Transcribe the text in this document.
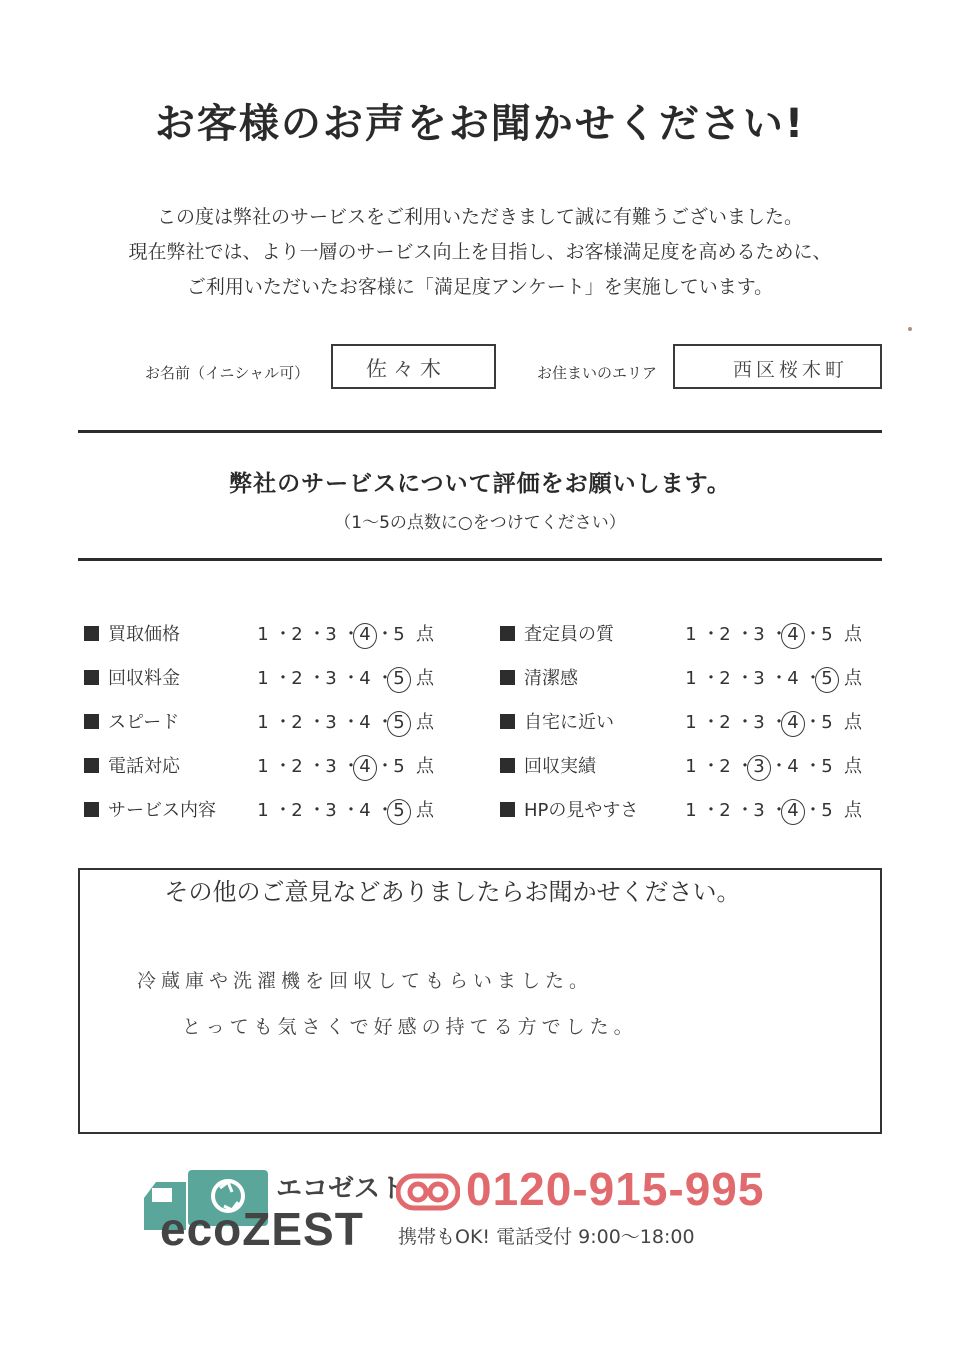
お客様のお声をお聞かせください!
この度は弊社のサービスをご利用いただきまして誠に有難うございました。
現在弊社では、より一層のサービス向上を目指し、お客様満足度を高めるために、
ご利用いただいたお客様に「満足度アンケート」を実施しています。
お名前（イニシャル可）	佐々木	お住まいのエリア	西区桜木町
弊社のサービスについて評価をお願いします。
（1〜5の点数に○をつけてください）
買取価格	1 ・2 ・3 ・4 ・5 点
回収料金	1 ・2 ・3 ・4 ・5 点
スピード	1 ・2 ・3 ・4 ・5 点
電話対応	1 ・2 ・3 ・4 ・5 点
サービス内容 1 ・2 ・3 ・4 ・5 点
査定員の質	1 ・2 ・3 ・4 ・5 点
清潔感	1 ・2 ・3 ・4 ・5 点
自宅に近い	1 ・2 ・3 ・4 ・5 点
回収実績	1 ・2 ・3 ・4 ・5 点
HPの見やすさ	1 ・2 ・3 ・4 ・5 点
その他のご意見などありましたらお聞かせください。
冷蔵庫や洗濯機を回収してもらいました。
とっても気さくで好感の持てる方でした。
エコゼスト
ecoZEST
0120-915-995
携帯もOK! 電話受付 9:00〜18:00
